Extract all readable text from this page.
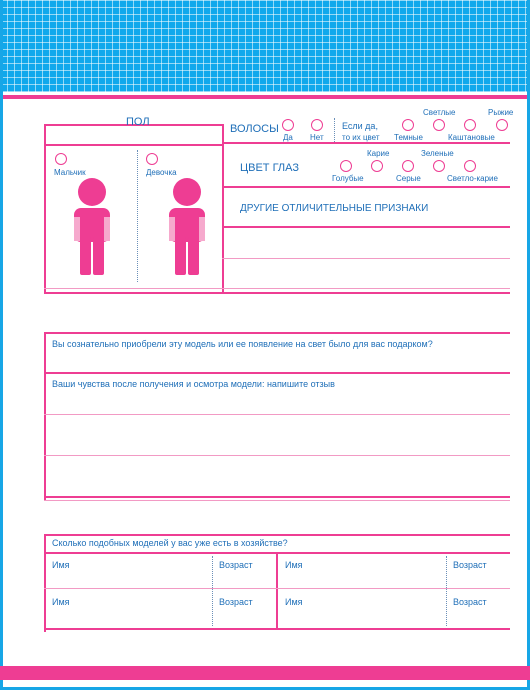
ПОЛ
Мальчик	Девочка
ВОЛОСЫ
Да Нет
Если да,
то их цвет Темные
Светлые
Каштановые
Рыжие
ЦВЕТ ГЛАЗ
Карие	Зеленые
Голубые	Серые	Светло-карие
ДРУГИЕ ОТЛИЧИТЕЛЬНЫЕ ПРИЗНАКИ
Вы сознательно приобрели эту модель или ее появление на свет было для вас подарком?
Ваши чувства после получения и осмотра модели: напишите отзыв
Сколько подобных моделей у вас уже есть в хозяйстве?
Имя	Возраст	Имя	Возраст
Имя	Возраст	Имя	Возраст
